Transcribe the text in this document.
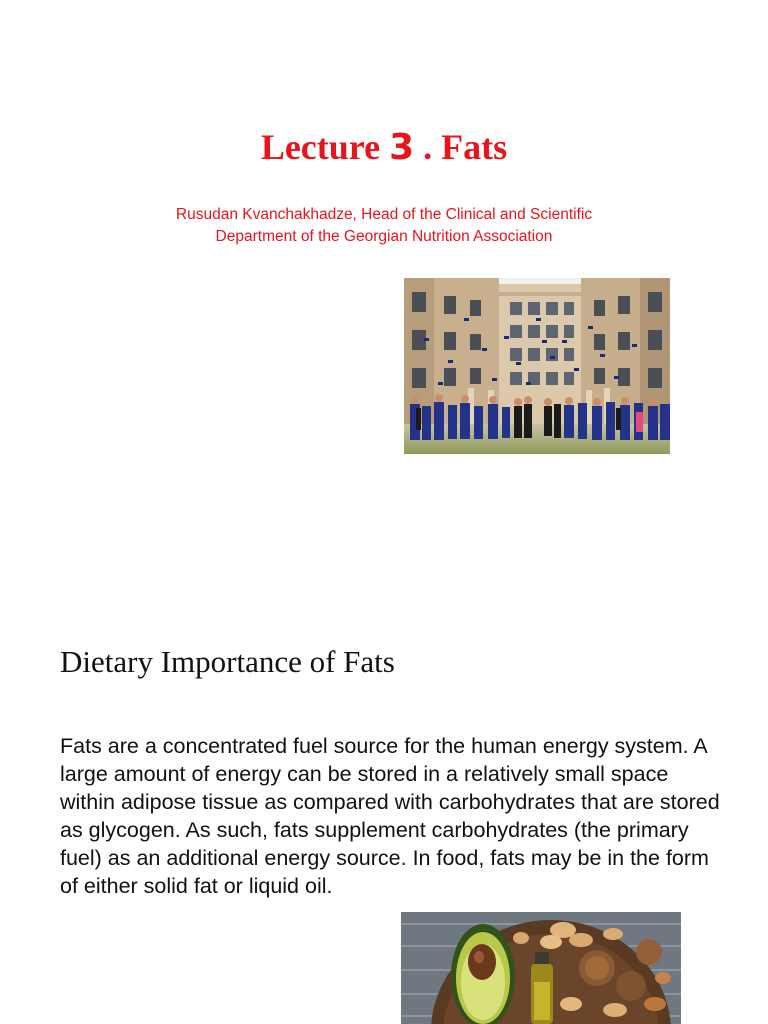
Lecture 3 . Fats

Rusudan Kvanchakhadze, Head of the Clinical and Scientific
Department of the Georgian Nutrition Association

Dietary Importance of Fats

Fats are a concentrated fuel source for the human energy system. A large amount of energy can be stored in a relatively small space within adipose tissue as compared with carbohydrates that are stored as glycogen. As such, fats supplement carbohydrates (the primary fuel) as an additional energy source. In food, fats may be in the form of either solid fat or liquid oil.
